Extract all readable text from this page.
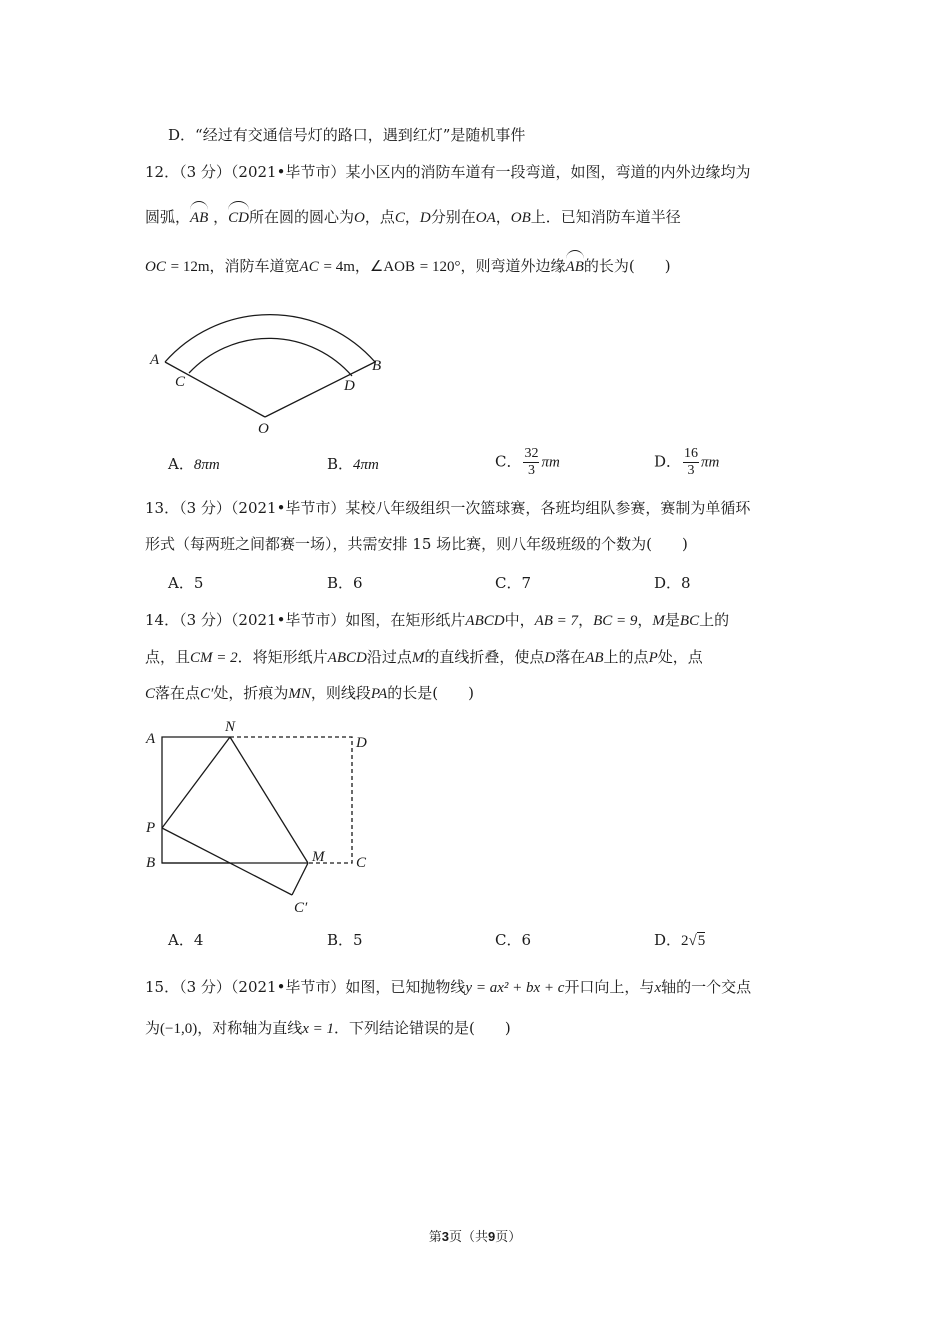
D．“经过有交通信号灯的路口，遇到红灯”是随机事件
12．（3 分）（2021•毕节市）某小区内的消防车道有一段弯道，如图，弯道的内外边缘均为
圆弧，AB ，CD所在圆的圆心为O，点C，D分别在OA，OB上．已知消防车道半径
OC = 12m，消防车道宽AC = 4m，∠AOB = 120°，则弯道外边缘AB的长为(　　)
A
C
B
D
O
A．8πm	B．4πm	C． $\frac{32}{3}$ πm	D． $\frac{16}{3}$ πm
13．（3 分）（2021•毕节市）某校八年级组织一次篮球赛，各班均组队参赛，赛制为单循环
形式（每两班之间都赛一场），共需安排 15 场比赛，则八年级班级的个数为(　　)
A．5	B．6	C．7	D．8
14．（3 分）（2021•毕节市）如图，在矩形纸片ABCD中，AB = 7，BC = 9，M是BC上的
点，且CM = 2．将矩形纸片ABCD沿过点M的直线折叠，使点D落在AB上的点P处，点
C落在点C′处，折痕为MN，则线段PA的长是(　　)
A
N
D
P
B	M C
C′
A．4	B．5	C．6	D．2√5
15．（3 分）（2021•毕节市）如图，已知抛物线y = ax² + bx + c开口向上，与x轴的一个交点
为(−1,0)，对称轴为直线x = 1．下列结论错误的是(　　)
第3页（共9页）
